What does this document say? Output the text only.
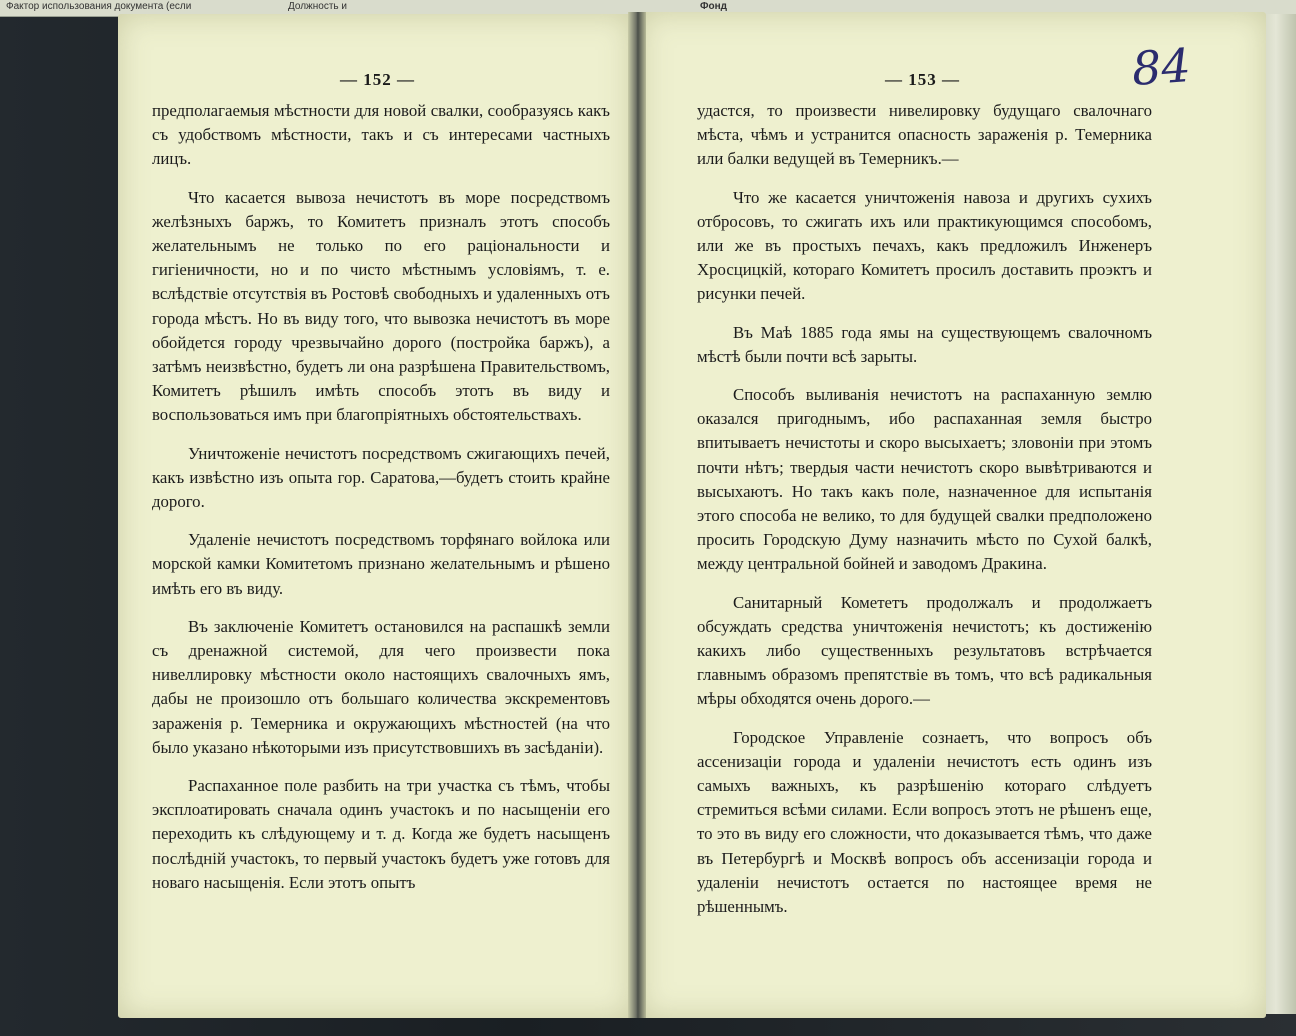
Фактор использования документа (если	Должность и	Фонд

— 152 —	— 153 —	84

предполагаемыя мѣстности для новой свалки, сообразуясь какъ съ удобствомъ мѣстности, такъ и съ интересами частныхъ лицъ.

Что касается вывоза нечистотъ въ море посредствомъ желѣзныхъ баржъ, то Комитетъ призналъ этотъ способъ желательнымъ не только по его раціональности и гигіеничности, но и по чисто мѣстнымъ условіямъ, т. е. вслѣдствіе отсутствія въ Ростовѣ свободныхъ и удаленныхъ отъ города мѣстъ. Но въ виду того, что вывозка нечистотъ въ море обойдется городу чрезвычайно дорого (постройка баржъ), а затѣмъ неизвѣстно, будетъ ли она разрѣшена Правительствомъ, Комитетъ рѣшилъ имѣть способъ этотъ въ виду и воспользоваться имъ при благопріятныхъ обстоятельствахъ.

Уничтоженіе нечистотъ посредствомъ сжигающихъ печей, какъ извѣстно изъ опыта гор. Саратова,—будетъ стоить крайне дорого.

Удаленіе нечистотъ посредствомъ торфянаго войлока или морской камки Комитетомъ признано желательнымъ и рѣшено имѣть его въ виду.

Въ заключеніе Комитетъ остановился на распашкѣ земли съ дренажной системой, для чего произвести пока нивеллировку мѣстности около настоящихъ свалочныхъ ямъ, дабы не произошло отъ большаго количества экскрементовъ зараженія р. Темерника и окружающихъ мѣстностей (на что было указано нѣкоторыми изъ присутствовшихъ въ засѣданіи).

Распаханное поле разбить на три участка съ тѣмъ, чтобы эксплоатировать сначала одинъ участокъ и по насыщеніи его переходить къ слѣдующему и т. д. Когда же будетъ насыщенъ послѣдній участокъ, то первый участокъ будетъ уже готовъ для новаго насыщенія. Если этотъ опытъ

удастся, то произвести нивелировку будущаго свалочнаго мѣста, чѣмъ и устранится опасность зараженія р. Темерника или балки ведущей въ Темерникъ.—

Что же касается уничтоженія навоза и другихъ сухихъ отбросовъ, то сжигать ихъ или практикующимся способомъ, или же въ простыхъ печахъ, какъ предложилъ Инженеръ Хросцицкій, котораго Комитетъ просилъ доставить проэктъ и рисунки печей.

Въ Маѣ 1885 года ямы на существующемъ свалочномъ мѣстѣ были почти всѣ зарыты.

Способъ выливанія нечистотъ на распаханную землю оказался пригоднымъ, ибо распаханная земля быстро впитываетъ нечистоты и скоро высыхаетъ; зловоніи при этомъ почти нѣтъ; твердыя части нечистотъ скоро вывѣтриваются и высыхаютъ. Но такъ какъ поле, назначенное для испытанія этого способа не велико, то для будущей свалки предположено просить Городскую Думу назначить мѣсто по Сухой балкѣ, между центральной бойней и заводомъ Дракина.

Санитарный Комететъ продолжалъ и продолжаетъ обсуждать средства уничтоженія нечистотъ; къ достиженію какихъ либо существенныхъ результатовъ встрѣчается главнымъ образомъ препятствіе въ томъ, что всѣ радикальныя мѣры обходятся очень дорого.—

Городское Управленіе сознаетъ, что вопросъ объ ассенизаціи города и удаленіи нечистотъ есть одинъ изъ самыхъ важныхъ, къ разрѣшенію котораго слѣдуетъ стремиться всѣми силами. Если вопросъ этотъ не рѣшенъ еще, то это въ виду его сложности, что доказывается тѣмъ, что даже въ Петербургѣ и Москвѣ вопросъ объ ассенизаціи города и удаленіи нечистотъ остается по настоящее время не рѣшеннымъ.
